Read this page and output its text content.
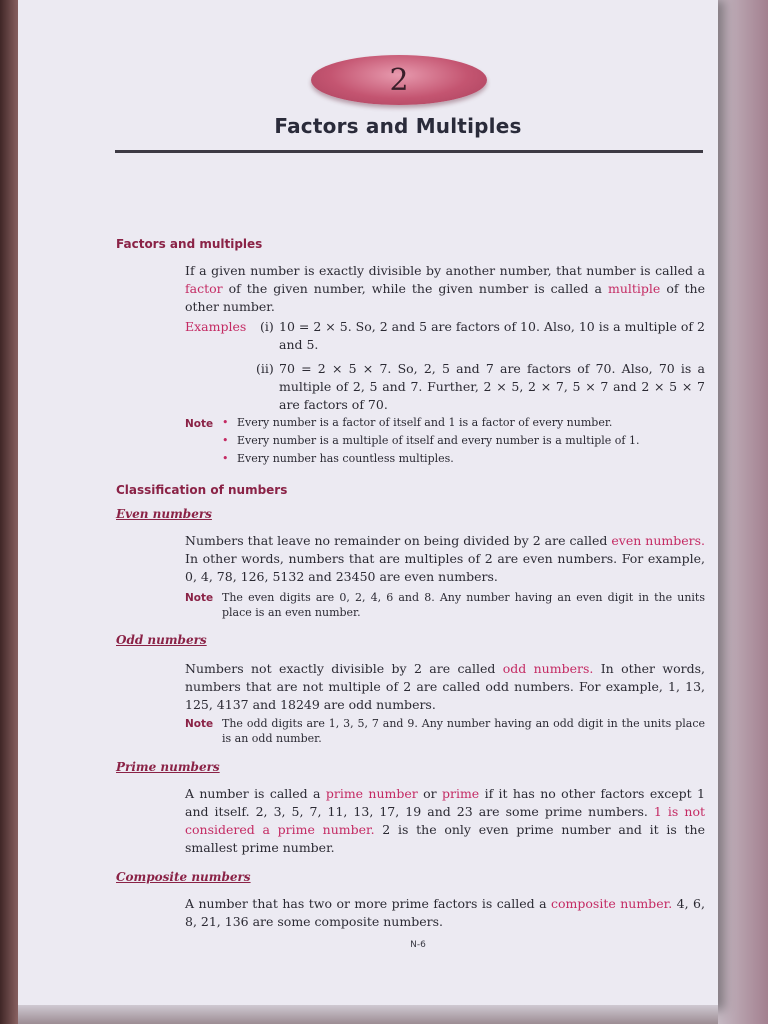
2
Factors and Multiples
Factors and multiples
If a given number is exactly divisible by another number, that number is called a factor of the given number, while the given number is called a multiple of the other number.
Examples (i) 10 = 2 × 5. So, 2 and 5 are factors of 10. Also, 10 is a multiple of 2 and 5.
(ii) 70 = 2 × 5 × 7. So, 2, 5 and 7 are factors of 70. Also, 70 is a multiple of 2, 5 and 7. Further, 2 × 5, 2 × 7, 5 × 7 and 2 × 5 × 7 are factors of 70.
Note
•	Every number is a factor of itself and 1 is a factor of every number.
• Every number is a multiple of itself and every number is a multiple of 1.
• Every number has countless multiples.
Classification of numbers
Even numbers
Numbers that leave no remainder on being divided by 2 are called even numbers. In other words, numbers that are multiples of 2 are even numbers. For example, 0, 4, 78, 126, 5132 and 23450 are even numbers.
Note The even digits are 0, 2, 4, 6 and 8. Any number having an even digit in the units place is an even number.
Odd numbers
Numbers not exactly divisible by 2 are called odd numbers. In other words, numbers that are not multiple of 2 are called odd numbers. For example, 1, 13, 125, 4137 and 18249 are odd numbers.
Note The odd digits are 1, 3, 5, 7 and 9. Any number having an odd digit in the units place is an odd number.
Prime numbers
A number is called a prime number or prime if it has no other factors except 1 and itself. 2, 3, 5, 7, 11, 13, 17, 19 and 23 are some prime numbers. 1 is not considered a prime number. 2 is the only even prime number and it is the smallest prime number.
Composite numbers
A number that has two or more prime factors is called a composite number. 4, 6, 8, 21, 136 are some composite numbers.
N-6
